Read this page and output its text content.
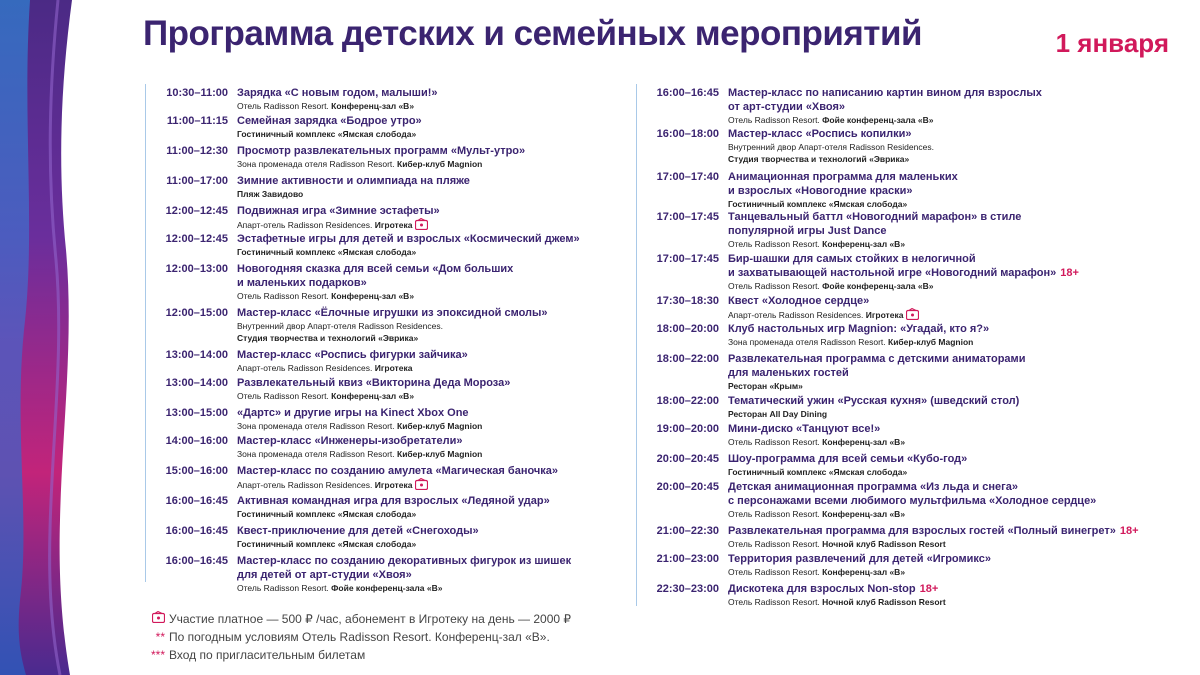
Программа детских и семейных мероприятий	1 января
10:30–11:00 Зарядка «С новым годом, малыши!»
Отель Radisson Resort. Конференц-зал «В»
11:00–11:15 Семейная зарядка «Бодрое утро»
Гостиничный комплекс «Ямская слобода»
11:00–12:30 Просмотр развлекательных программ «Мульт-утро»
Зона променада отеля Radisson Resort. Кибер-клуб Magnion
11:00–17:00 Зимние активности и олимпиада на пляже
Пляж Завидово
12:00–12:45 Подвижная игра «Зимние эстафеты»
Апарт-отель Radisson Residences. Игротека
12:00–12:45 Эстафетные игры для детей и взрослых «Космический джем»
Гостиничный комплекс «Ямская слобода»
12:00–13:00 Новогодняя сказка для всей семьи «Дом больших
и маленьких подарков»
Отель Radisson Resort. Конференц-зал «В»
12:00–15:00 Мастер-класс «Ёлочные игрушки из эпоксидной смолы»
Внутренний двор Апарт-отеля Radisson Residences.
Студия творчества и технологий «Эврика»
13:00–14:00 Мастер-класс «Роспись фигурки зайчика»
Апарт-отель Radisson Residences. Игротека
13:00–14:00 Развлекательный квиз «Викторина Деда Мороза»
Отель Radisson Resort. Конференц-зал «В»
13:00–15:00 «Дартс» и другие игры на Kinect Xbox One
Зона променада отеля Radisson Resort. Кибер-клуб Magnion
14:00–16:00 Мастер-класс «Инженеры-изобретатели»
Зона променада отеля Radisson Resort. Кибер-клуб Magnion
15:00–16:00 Мастер-класс по созданию амулета «Магическая баночка»
Апарт-отель Radisson Residences. Игротека
16:00–16:45 Активная командная игра для взрослых «Ледяной удар»
Гостиничный комплекс «Ямская слобода»
16:00–16:45 Квест-приключение для детей «Снегоходы»
Гостиничный комплекс «Ямская слобода»
16:00–16:45 Мастер-класс по созданию декоративных фигурок из шишек
для детей от арт-студии «Хвоя»
Отель Radisson Resort. Фойе конференц-зала «В»
16:00–16:45 Мастер-класс по написанию картин вином для взрослых
от арт-студии «Хвоя»
Отель Radisson Resort. Фойе конференц-зала «В»
16:00–18:00 Мастер-класс «Роспись копилки»
Внутренний двор Апарт-отеля Radisson Residences.
Студия творчества и технологий «Эврика»
17:00–17:40 Анимационная программа для маленьких
и взрослых «Новогодние краски»
Гостиничный комплекс «Ямская слобода»
17:00–17:45 Танцевальный баттл «Новогодний марафон» в стиле
популярной игры Just Dance
Отель Radisson Resort. Конференц-зал «В»
17:00–17:45 Бир-шашки для самых стойких в нелогичной
и захватывающей настольной игре «Новогодний марафон» 18+
Отель Radisson Resort. Фойе конференц-зала «В»
17:30–18:30 Квест «Холодное сердце»
Апарт-отель Radisson Residences. Игротека
18:00–20:00 Клуб настольных игр Magnion: «Угадай, кто я?»
Зона променада отеля Radisson Resort. Кибер-клуб Magnion
18:00–22:00 Развлекательная программа с детскими аниматорами
для маленьких гостей
Ресторан «Крым»
18:00–22:00 Тематический ужин «Русская кухня» (шведский стол)
Ресторан All Day Dining
19:00–20:00 Мини-диско «Танцуют все!»
Отель Radisson Resort. Конференц-зал «В»
20:00–20:45 Шоу-программа для всей семьи «Кубо-год»
Гостиничный комплекс «Ямская слобода»
20:00–20:45 Детская анимационная программа «Из льда и снега»
с персонажами всеми любимого мультфильма «Холодное сердце»
Отель Radisson Resort. Конференц-зал «В»
21:00–22:30 Развлекательная программа для взрослых гостей «Полный винегрет» 18+
Отель Radisson Resort. Ночной клуб Radisson Resort
21:00–23:00 Территория развлечений для детей «Игромикс»
Отель Radisson Resort. Конференц-зал «В»
22:30–23:00 Дискотека для взрослых Non-stop 18+
Отель Radisson Resort. Ночной клуб Radisson Resort
Участие платное — 500 ₽ /час, абонемент в Игротеку на день — 2000 ₽
** По погодным условиям Отель Radisson Resort. Конференц-зал «В».
*** Вход по пригласительным билетам
